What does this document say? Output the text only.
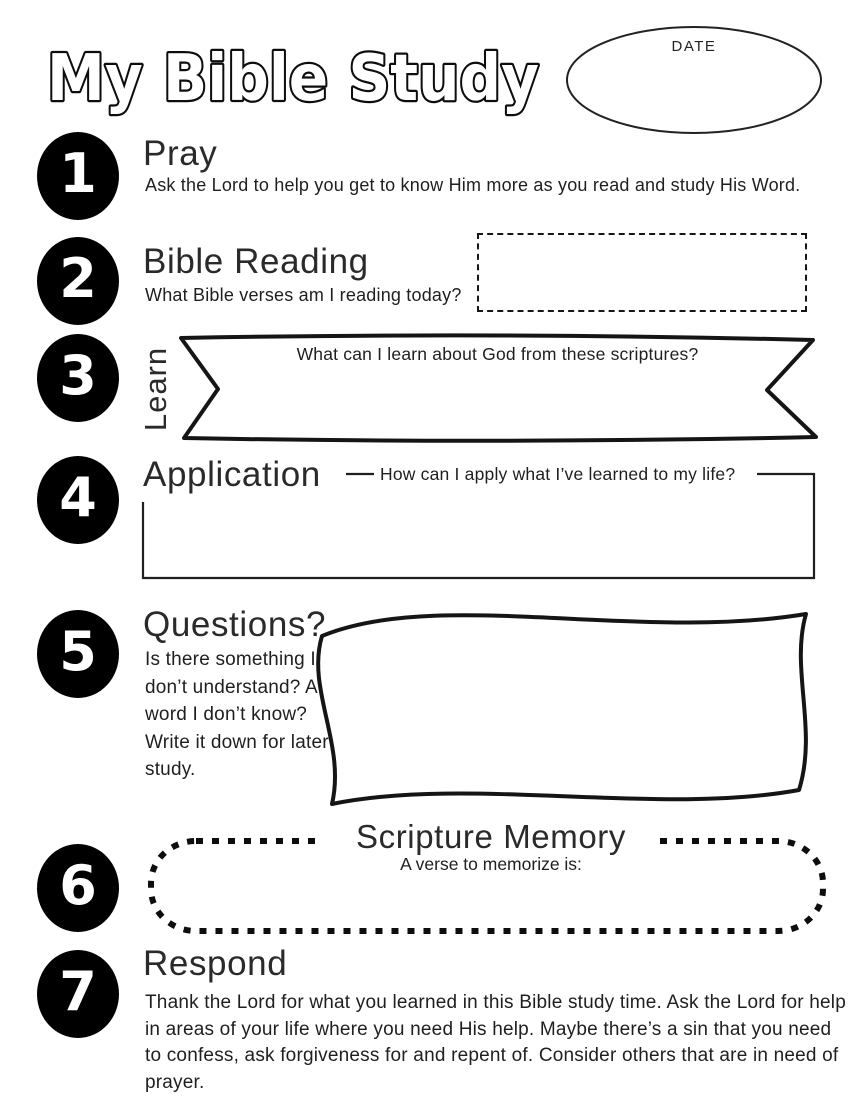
My Bible Study	DATE
1 Pray
Ask the Lord to help you get to know Him more as you read and study His Word.
2 Bible Reading
What Bible verses am I reading today?
3 Learn	What can I learn about God from these scriptures?
4 Application	How can I apply what I’ve learned to my life?
5 Questions?
Is there something I don’t understand? A word I don’t know? Write it down for later study.
6
Scripture Memory
A verse to memorize is:
7 Respond
Thank the Lord for what you learned in this Bible study time. Ask the Lord for help in areas of your life where you need His help. Maybe there’s a sin that you need to confess, ask forgiveness for and repent of. Consider others that are in need of prayer.
